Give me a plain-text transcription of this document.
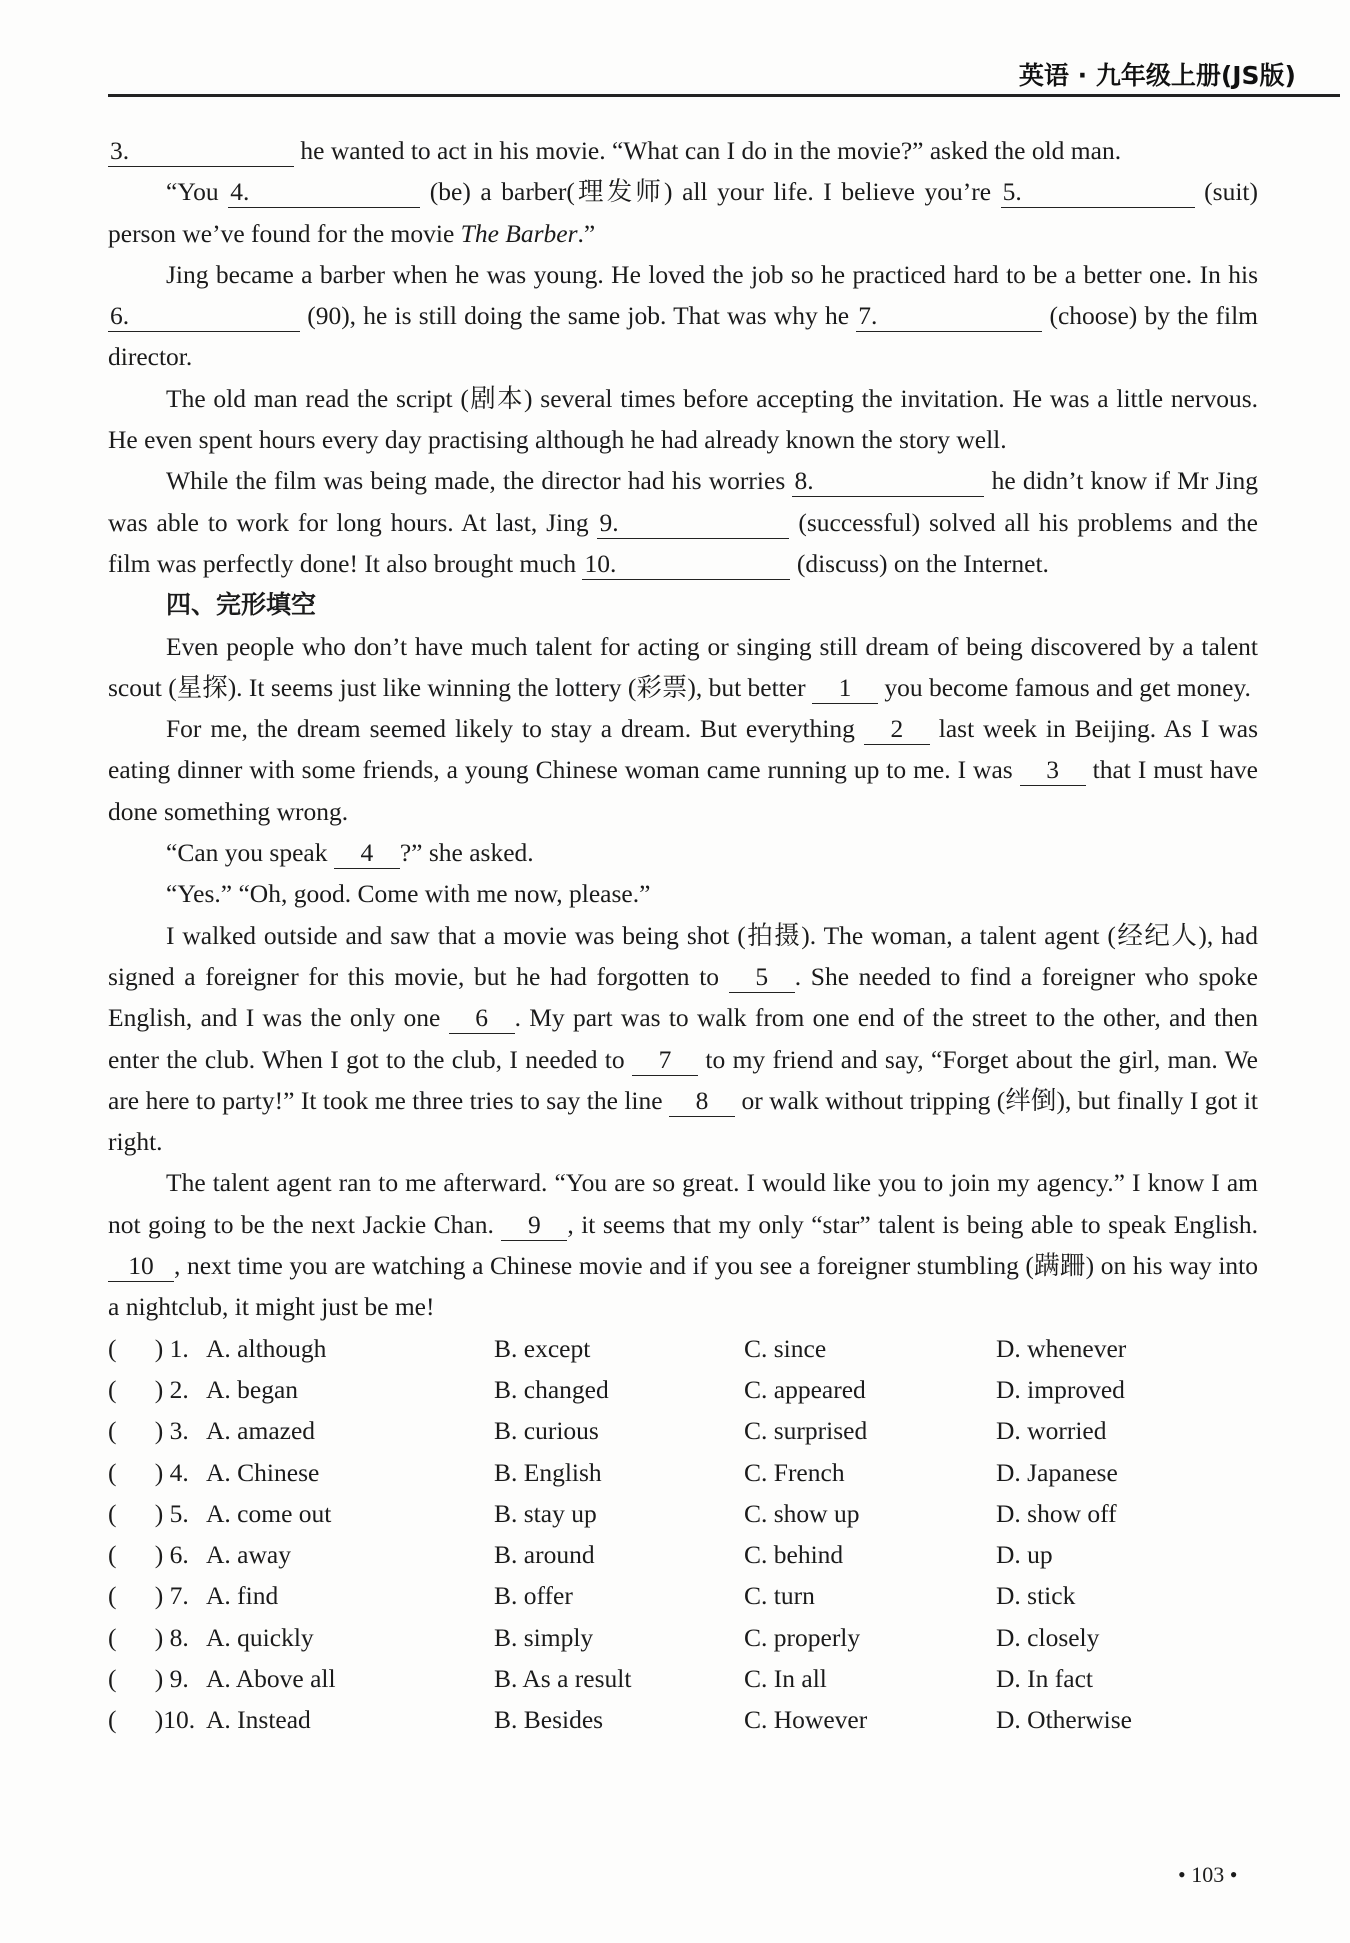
英语 · 九年级上册(JS版)

3.	he wanted to act in his movie. “What can I do in the movie?” asked the old man.

“You 4.	(be) a barber(理发师) all your life. I believe you’re 5.	(suit) person we’ve found for the movie The Barber.”

Jing became a barber when he was young. He loved the job so he practiced hard to be a better one. In his 6.	(90), he is still doing the same job. That was why he 7.	(choose) by the film director.

The old man read the script (剧本) several times before accepting the invitation. He was a little nervous. He even spent hours every day practising although he had already known the story well.

While the film was being made, the director had his worries 8.	he didn’t know if Mr Jing was able to work for long hours. At last, Jing 9.	(successful) solved all his problems and the film was perfectly done! It also brought much 10.	(discuss) on the Internet.

四、完形填空

Even people who don’t have much talent for acting or singing still dream of being discovered by a talent scout (星探). It seems just like winning the lottery (彩票), but better 1 you become famous and get money.

For me, the dream seemed likely to stay a dream. But everything 2 last week in Beijing. As I was eating dinner with some friends, a young Chinese woman came running up to me. I was 3 that I must have done something wrong.

“Can you speak 4 ?” she asked.

“Yes.” “Oh, good. Come with me now, please.”

I walked outside and saw that a movie was being shot (拍摄). The woman, a talent agent (经纪人), had signed a foreigner for this movie, but he had forgotten to 5 . She needed to find a foreigner who spoke English, and I was the only one 6 . My part was to walk from one end of the street to the other, and then enter the club. When I got to the club, I needed to 7 to my friend and say, “Forget about the girl, man. We are here to party!” It took me three tries to say the line 8 or walk without tripping (绊倒), but finally I got it right.

The talent agent ran to me afterward. “You are so great. I would like you to join my agency.” I know I am not going to be the next Jackie Chan. 9 , it seems that my only “star” talent is being able to speak English. 10 , next time you are watching a Chinese movie and if you see a foreigner stumbling (蹒跚) on his way into a nightclub, it might just be me!

(      ) 1. A. although	B. except	C. since	D. whenever
(      ) 2. A. began	B. changed	C. appeared	D. improved
(      ) 3. A. amazed	B. curious	C. surprised	D. worried
(      ) 4. A. Chinese	B. English	C. French	D. Japanese
(      ) 5. A. come out	B. stay up	C. show up	D. show off
(      ) 6. A. away	B. around	C. behind	D. up
(      ) 7. A. find	B. offer	C. turn	D. stick
(      ) 8. A. quickly	B. simply	C. properly	D. closely
(      ) 9. A. Above all	B. As a result	C. In all	D. In fact
(      )10. A. Instead	B. Besides	C. However	D. Otherwise
• 103 •
